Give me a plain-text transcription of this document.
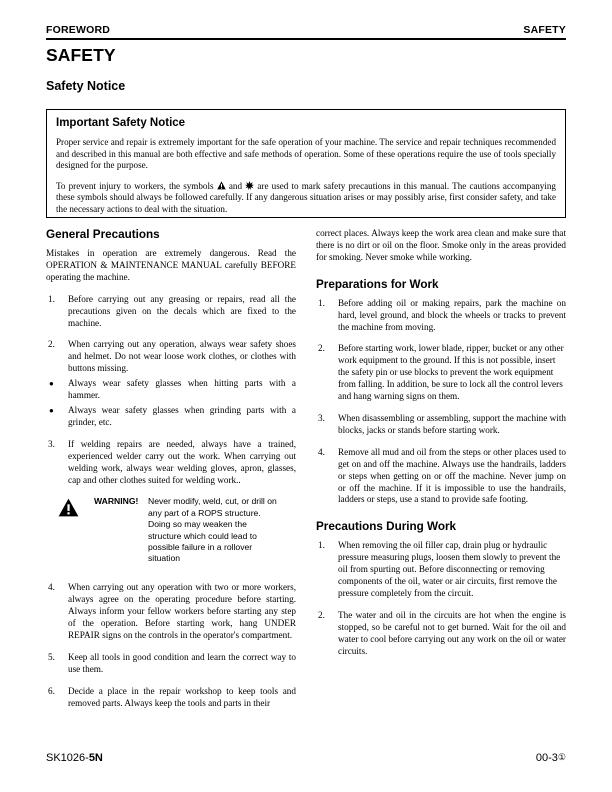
FOREWORD	SAFETY
SAFETY
Safety Notice
Important Safety Notice

Proper service and repair is extremely important for the safe operation of your machine. The service and repair techniques recommended and described in this manual are both effective and safe methods of operation. Some of these operations require the use of tools specially designed for the purpose.

To prevent injury to workers, the symbols and are used to mark safety precautions in this manual. The cautions accompanying these symbols should always be followed carefully. If any dangerous situation arises or may possibly arise, first consider safety, and take the necessary actions to deal with the situation.

General Precautions

Mistakes in operation are extremely dangerous. Read the OPERATION & MAINTENANCE MANUAL carefully BEFORE operating the machine.

1.	Before carrying out any greasing or repairs, read all the precautions given on the decals which are fixed to the machine.
2.	When carrying out any operation, always wear safety shoes and helmet. Do not wear loose work clothes, or clothes with buttons missing.
●	Always wear safety glasses when hitting parts with a hammer.
●	Always wear safety glasses when grinding parts with a grinder, etc.
3.	If welding repairs are needed, always have a trained, experienced welder carry out the work. When carrying out welding work, always wear welding gloves, apron, glasses, cap and other clothes suited for welding work..
WARNING!	Never modify, weld, cut, or drill on any part of a ROPS structure. Doing so may weaken the structure which could lead to possible failure in a rollover situation
4.	When carrying out any operation with two or more workers, always agree on the operating procedure before starting. Always inform your fellow workers before starting any step of the operation. Before starting work, hang UNDER REPAIR signs on the controls in the operator's compartment.
5.	Keep all tools in good condition and learn the correct way to use them.
6.	Decide a place in the repair workshop to keep tools and removed parts. Always keep the tools and parts in their

correct places. Always keep the work area clean and make sure that there is no dirt or oil on the floor. Smoke only in the areas provided for smoking. Never smoke while working.

Preparations for Work
1.	Before adding oil or making repairs, park the machine on hard, level ground, and block the wheels or tracks to prevent the machine from moving.
2.	Before starting work, lower blade, ripper, bucket or any other work equipment to the ground. If this is not possible, insert the safety pin or use blocks to prevent the work equipment from falling. In addition, be sure to lock all the control levers and hang warning signs on them.
3.	When disassembling or assembling, support the machine with blocks, jacks or stands before starting work.
4.	Remove all mud and oil from the steps or other places used to get on and off the machine. Always use the handrails, ladders or steps when getting on or off the machine. Never jump on or off the machine. If it is impossible to use the handrails, ladders or steps, use a stand to provide safe footing.
Precautions During Work
1.	When removing the oil filler cap, drain plug or hydraulic pressure measuring plugs, loosen them slowly to prevent the oil from spurting out. Before disconnecting or removing components of the oil, water or air circuits, first remove the pressure completely from the circuit.
2.	The water and oil in the circuits are hot when the engine is stopped, so be careful not to get burned. Wait for the oil and water to cool before carrying out any work on the oil or water circuits.
SK1026-5N	00-3①
